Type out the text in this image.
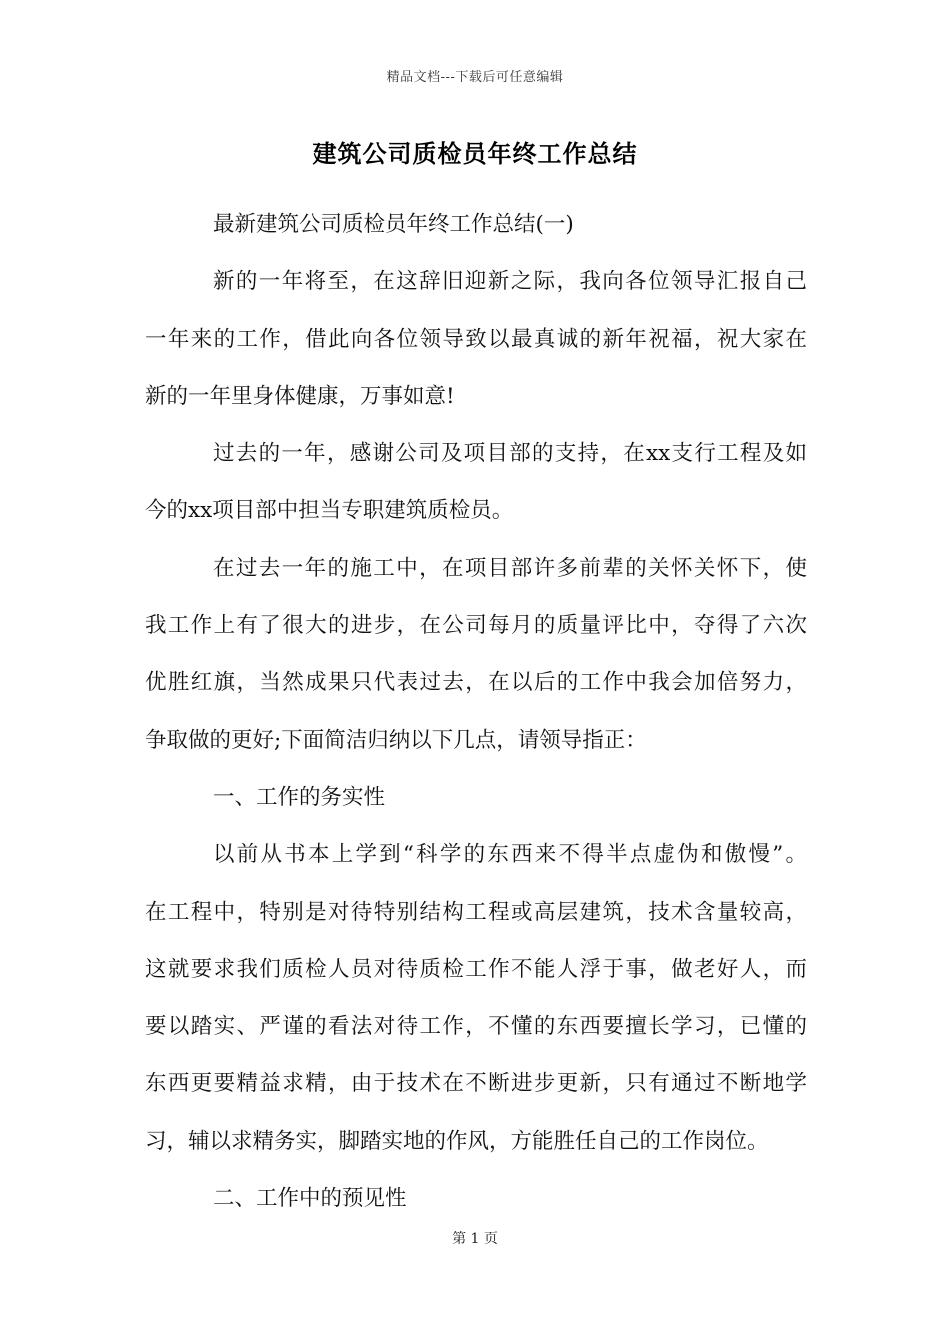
精品文档---下载后可任意编辑
建筑公司质检员年终工作总结
最新建筑公司质检员年终工作总结(一)
新的一年将至，在这辞旧迎新之际，我向各位领导汇报自己
一年来的工作，借此向各位领导致以最真诚的新年祝福，祝大家在
新的一年里身体健康，万事如意!
过去的一年，感谢公司及项目部的支持，在xx支行工程及如
今的xx项目部中担当专职建筑质检员。
在过去一年的施工中，在项目部许多前辈的关怀关怀下，使
我工作上有了很大的进步，在公司每月的质量评比中，夺得了六次
优胜红旗，当然成果只代表过去，在以后的工作中我会加倍努力，
争取做的更好;下面简洁归纳以下几点，请领导指正：
一、工作的务实性
以前从书本上学到“科学的东西来不得半点虚伪和傲慢”。
在工程中，特别是对待特别结构工程或高层建筑，技术含量较高，
这就要求我们质检人员对待质检工作不能人浮于事，做老好人，而
要以踏实、严谨的看法对待工作，不懂的东西要擅长学习，已懂的
东西更要精益求精，由于技术在不断进步更新，只有通过不断地学
习，辅以求精务实，脚踏实地的作风，方能胜任自己的工作岗位。
二、工作中的预见性
第 1 页
